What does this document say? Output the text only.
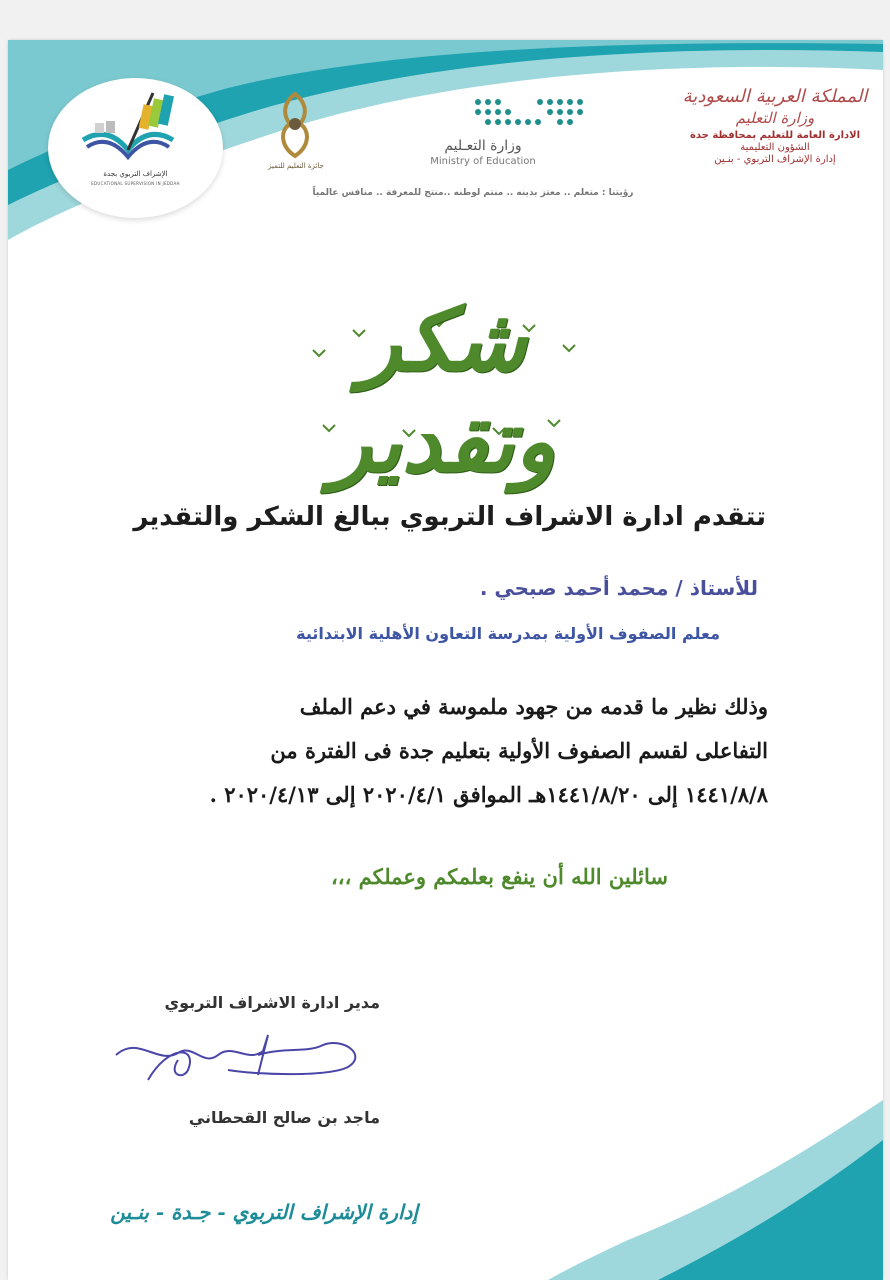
الإشراف التربوي بجدة
EDUCATIONAL SUPERVISION IN JEDDAH
جائزة التعليم للتميز
وزارة التعـليم
Ministry of Education
المملكة العربية السعودية
وزارة التعليم
الادارة العامة للتعليم بمحافظة جدة
الشؤون التعليمية
إدارة الإشراف التربوي - بنـين
رؤيتنا : متعلم .. معتز بدينه .. منتم لوطنه ..منتج للمعرفة .. منافس عالمياً
شكر وتقدير
تتقدم ادارة الاشراف التربوي ببالغ الشكر والتقدير
للأستاذ / محمد أحمد صبحي .
معلم الصفوف الأولية بمدرسة التعاون الأهلية الابتدائية
وذلك نظير ما قدمه من جهود ملموسة في دعم الملف
التفاعلى لقسم الصفوف الأولية بتعليم جدة فى الفترة من
١٤٤١/٨/٨ إلى ١٤٤١/٨/٢٠هـ الموافق ٢٠٢٠/٤/١ إلى ٢٠٢٠/٤/١٣ .
سائلين الله أن ينفع بعلمكم وعملكم ،،،
مدير ادارة الاشراف التربوي
ماجد بن صالح القحطاني
إدارة الإشراف التربوي - جـدة - بنـين
